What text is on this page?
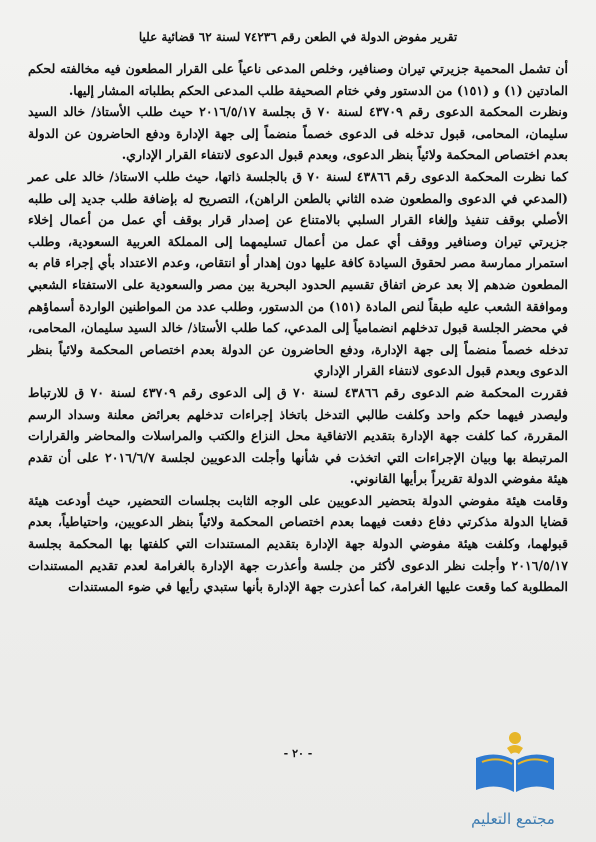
تقرير مفوض الدولة في الطعن رقم ٧٤٢٣٦ لسنة ٦٢ قضائية عليا

أن تشمل المحمية جزيرتي تيران وصنافير، وخلص المدعى ناعياً على القرار المطعون فيه مخالفته لحكم المادتين (١) و (١٥١) من الدستور وفي ختام الصحيفة طلب المدعى الحكم بطلباته المشار إليها.

ونظرت المحكمة الدعوى رقم ٤٣٧٠٩ لسنة ٧٠ ق بجلسة ٢٠١٦/٥/١٧ حيث طلب الأستاذ/ خالد السيد سليمان، المحامى، قبول تدخله فى الدعوى خصماً منضماً إلى جهة الإدارة ودفع الحاضرون عن الدولة بعدم اختصاص المحكمة ولائياً بنظر الدعوى، وبعدم قبول الدعوى لانتفاء القرار الإداري.

كما نظرت المحكمة الدعوى رقم ٤٣٨٦٦ لسنة ٧٠ ق بالجلسة ذاتها، حيث طلب الاستاذ/ خالد على عمر (المدعي في الدعوى والمطعون ضده الثاني بالطعن الراهن)، التصريح له بإضافة طلب جديد إلى طلبه الأصلي بوقف تنفيذ وإلغاء القرار السلبي بالامتناع عن إصدار قرار بوقف أي عمل من أعمال إخلاء جزيرتي تيران وصنافير ووقف أي عمل من أعمال تسليمهما إلى المملكة العربية السعودية، وطلب استمرار ممارسة مصر لحقوق السيادة كافة عليها دون إهدار أو انتقاص، وعدم الاعتداد بأي إجراء قام به المطعون ضدهم إلا بعد عرض اتفاق تقسيم الحدود البحرية بين مصر والسعودية على الاستفتاء الشعبي وموافقة الشعب عليه طبقاً لنص المادة (١٥١) من الدستور، وطلب عدد من المواطنين الواردة أسماؤهم في محضر الجلسة قبول تدخلهم انضمامياً إلى المدعي، كما طلب الأستاذ/ خالد السيد سليمان، المحامى، تدخله خصماً منضماً إلى جهة الإدارة، ودفع الحاضرون عن الدولة بعدم اختصاص المحكمة ولائياً بنظر الدعوى وبعدم قبول الدعوى لانتفاء القرار الإداري

فقررت المحكمة ضم الدعوى رقم ٤٣٨٦٦ لسنة ٧٠ ق إلى الدعوى رقم ٤٣٧٠٩ لسنة ٧٠ ق للارتباط وليصدر فيهما حكم واحد وكلفت طالبي التدخل باتخاذ إجراءات تدخلهم بعرائض معلنة وسداد الرسم المقررة، كما كلفت جهة الإدارة بتقديم الاتفاقية محل النزاع والكتب والمراسلات والمحاضر والقرارات المرتبطة بها وبيان الإجراءات التي اتخذت في شأنها وأجلت الدعويين لجلسة ٢٠١٦/٦/٧ على أن تقدم هيئة مفوضي الدولة تقريراً برأيها القانوني.

وقامت هيئة مفوضي الدولة بتحضير الدعويين على الوجه الثابت بجلسات التحضير، حيث أودعت هيئة قضايا الدولة مذكرتي دفاع دفعت فيهما بعدم اختصاص المحكمة ولائياً بنظر الدعويين، واحتياطياً، بعدم قبولهما، وكلفت هيئة مفوضي الدولة جهة الإدارة بتقديم المستندات التي كلفتها بها المحكمة بجلسة ٢٠١٦/٥/١٧ وأجلت نظر الدعوى لأكثر من جلسة وأعذرت جهة الإدارة بالغرامة لعدم تقديم المستندات المطلوبة كما وقعت عليها الغرامة، كما أعذرت جهة الإدارة بأنها ستبدي رأيها في ضوء المستندات

- ٢٠ -
مجتمع التعليم
